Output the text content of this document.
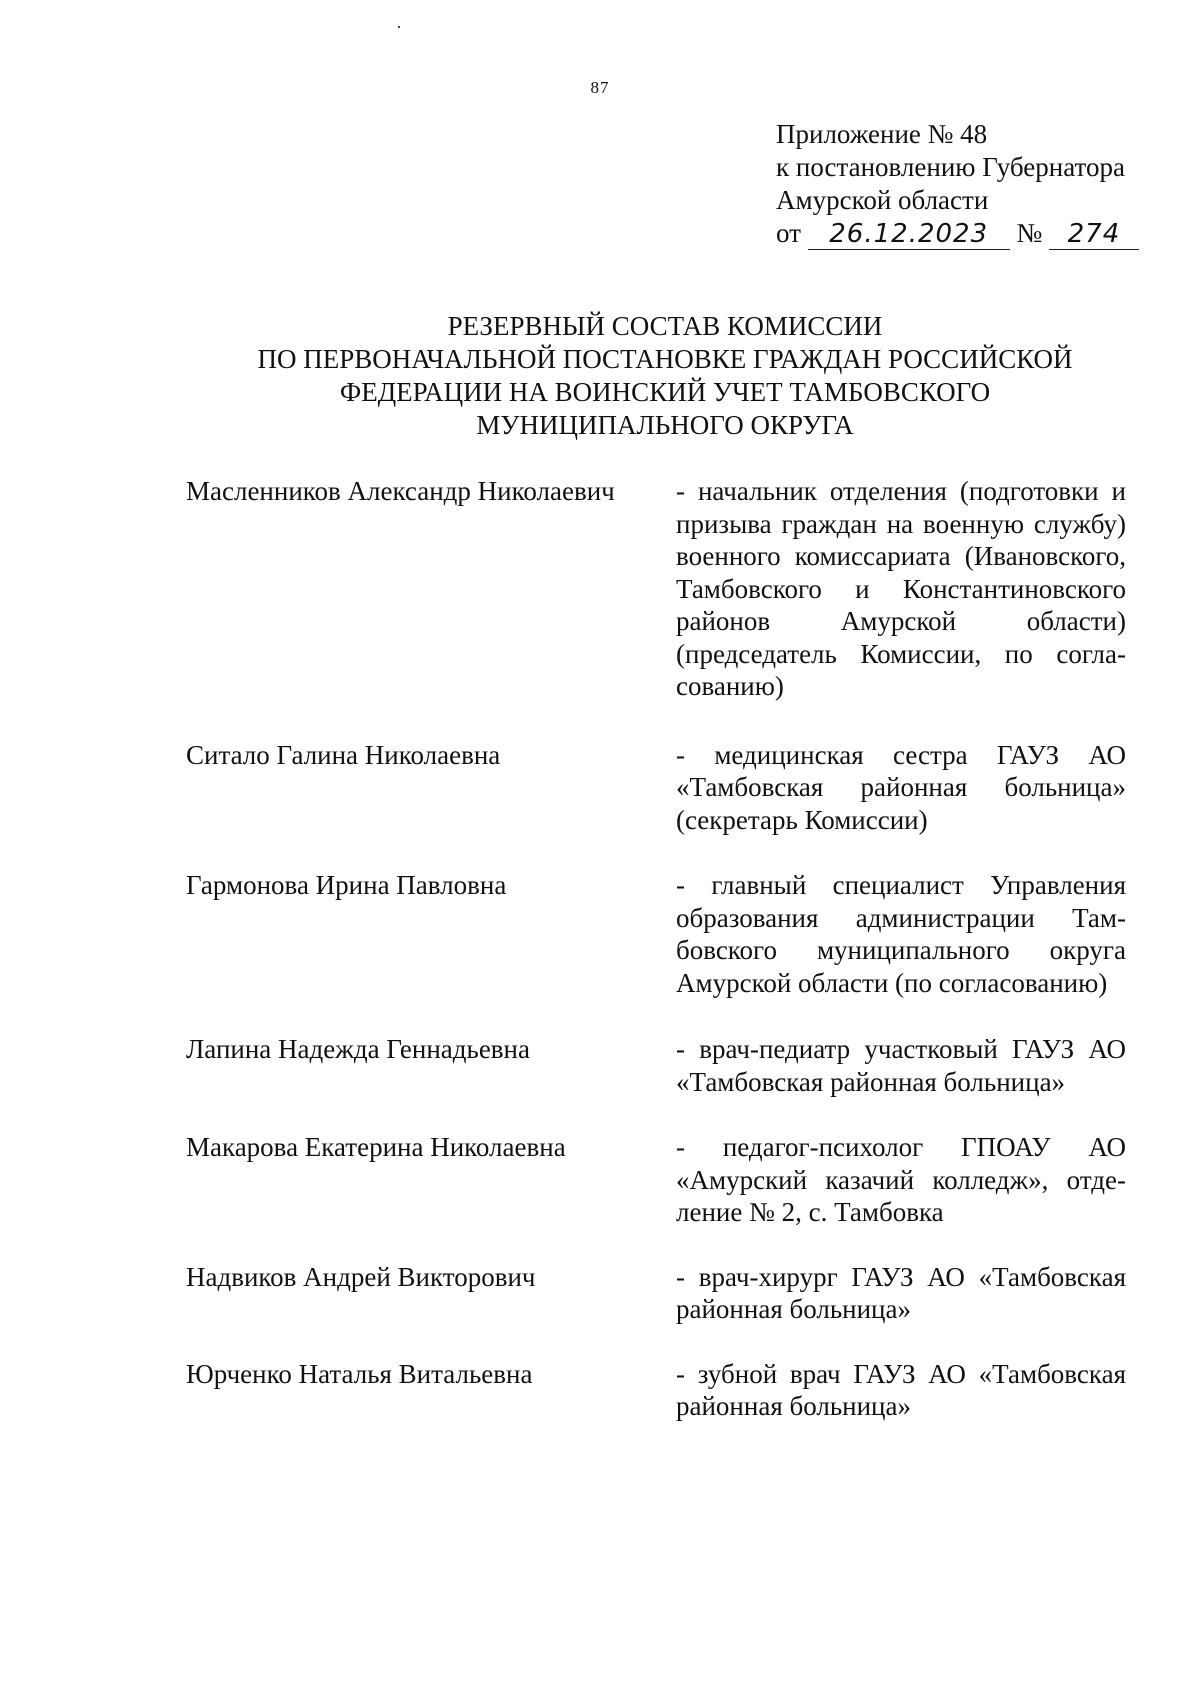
87
Приложение № 48
к постановлению Губернатора
Амурской области
от 26.12.2023 № 274
РЕЗЕРВНЫЙ СОСТАВ КОМИССИИ
ПО ПЕРВОНАЧАЛЬНОЙ ПОСТАНОВКЕ ГРАЖДАН РОССИЙСКОЙ
ФЕДЕРАЦИИ НА ВОИНСКИЙ УЧЕТ ТАМБОВСКОГО
МУНИЦИПАЛЬНОГО ОКРУГА
Масленников Александр Николаевич	- начальник отделения (подготовки и призыва граждан на военную службу) военного комиссариата (Ивановского, Тамбовского и Константиновского районов Амурской области) (председатель Комиссии, по согласованию)
Ситало Галина Николаевна	- медицинская сестра ГАУЗ АО «Тамбовская районная больница» (секретарь Комиссии)
Гармонова Ирина Павловна	- главный специалист Управления образования администрации Тамбовского муниципального округа Амурской области (по согласованию)
Лапина Надежда Геннадьевна	- врач-педиатр участковый ГАУЗ АО «Тамбовская районная больница»
Макарова Екатерина Николаевна	- педагог-психолог ГПОАУ АО «Амурский казачий колледж», отделение № 2, с. Тамбовка
Надвиков Андрей Викторович	- врач-хирург ГАУЗ АО «Тамбовская районная больница»
Юрченко Наталья Витальевна	- зубной врач ГАУЗ АО «Тамбовская районная больница»
